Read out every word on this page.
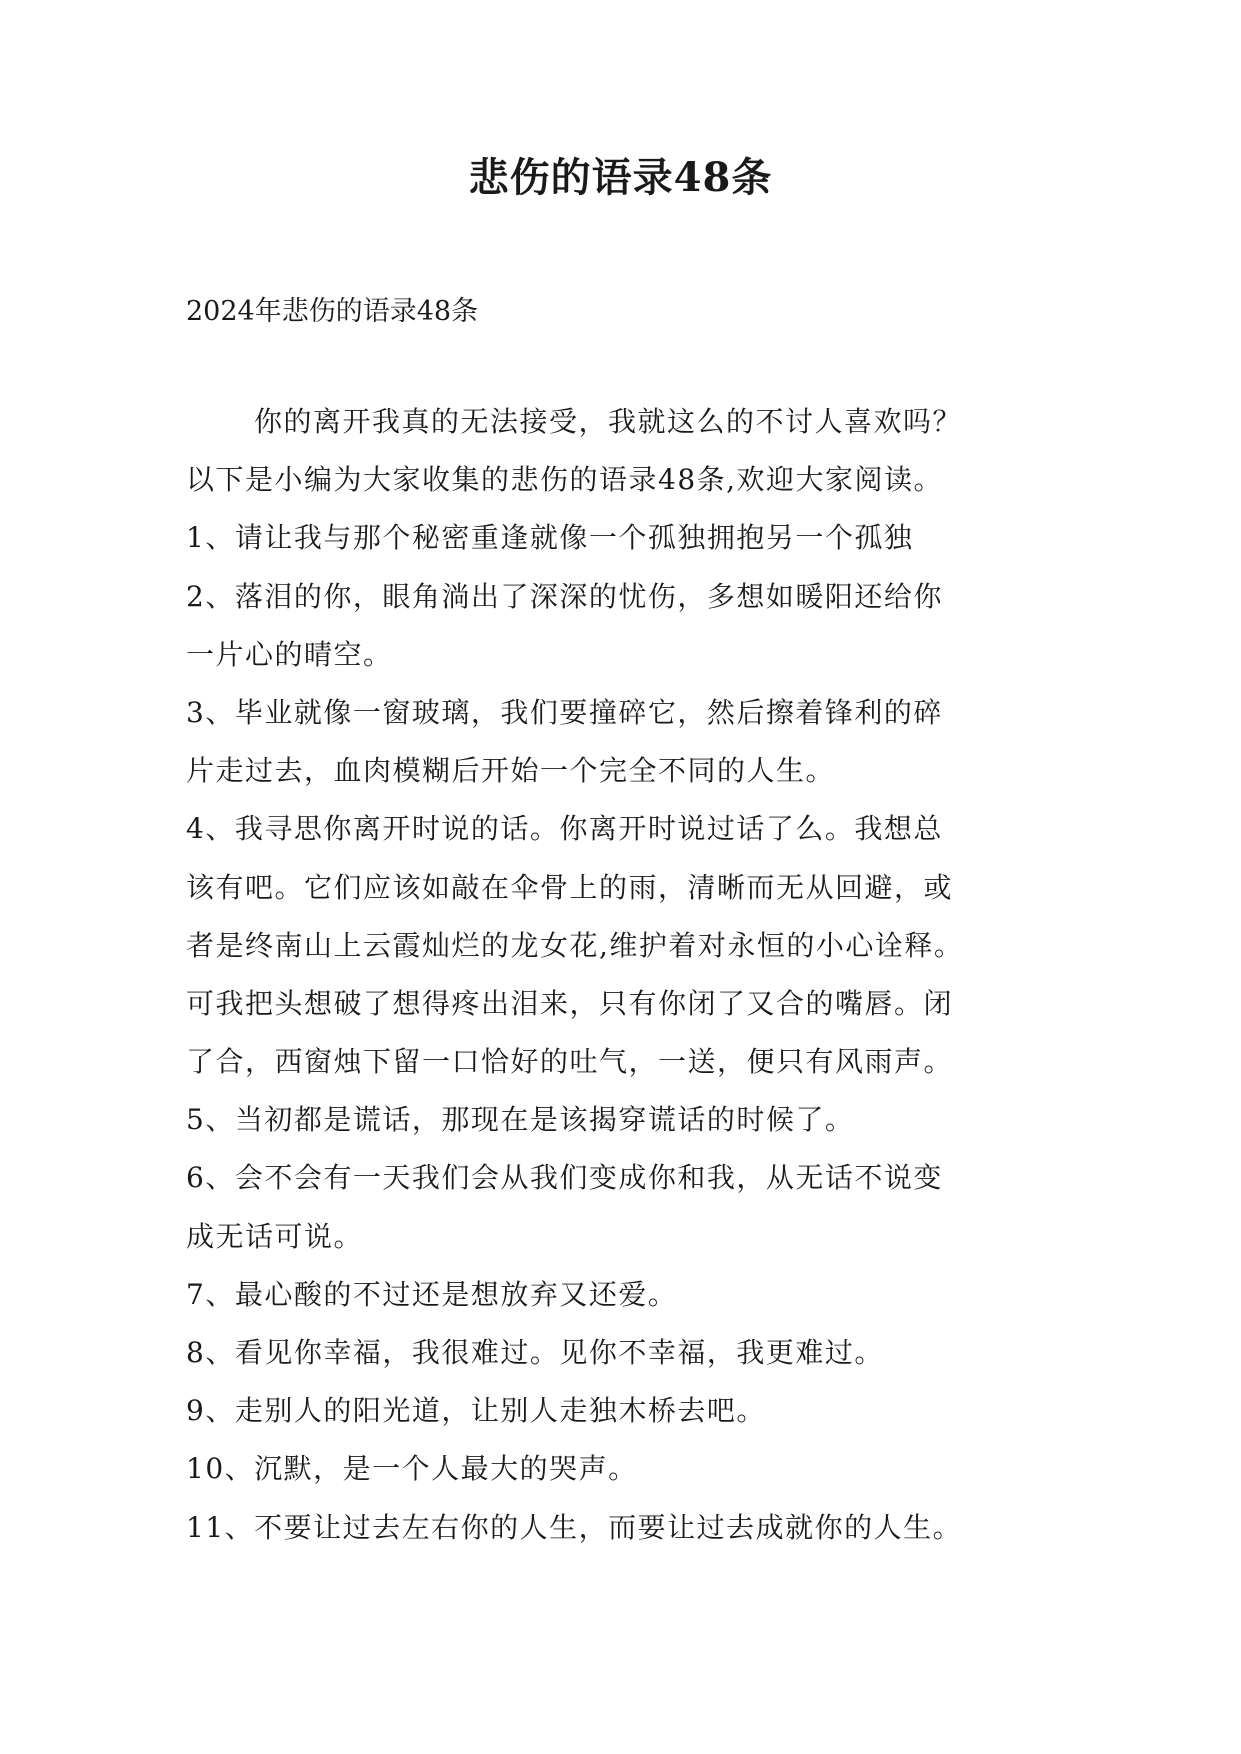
悲伤的语录48条

2024年悲伤的语录48条

你的离开我真的无法接受，我就这么的不讨人喜欢吗？
以下是小编为大家收集的悲伤的语录48条,欢迎大家阅读。
1、请让我与那个秘密重逢就像一个孤独拥抱另一个孤独
2、落泪的你，眼角淌出了深深的忧伤，多想如暖阳还给你
一片心的晴空。
3、毕业就像一窗玻璃，我们要撞碎它，然后擦着锋利的碎
片走过去，血肉模糊后开始一个完全不同的人生。
4、我寻思你离开时说的话。你离开时说过话了么。我想总
该有吧。它们应该如敲在伞骨上的雨，清晰而无从回避，或
者是终南山上云霞灿烂的龙女花,维护着对永恒的小心诠释。
可我把头想破了想得疼出泪来，只有你闭了又合的嘴唇。闭
了合，西窗烛下留一口恰好的吐气，一送，便只有风雨声。
5、当初都是谎话，那现在是该揭穿谎话的时候了。
6、会不会有一天我们会从我们变成你和我，从无话不说变
成无话可说。
7、最心酸的不过还是想放弃又还爱。
8、看见你幸福，我很难过。见你不幸福，我更难过。
9、走别人的阳光道，让别人走独木桥去吧。
10、沉默，是一个人最大的哭声。
11、不要让过去左右你的人生，而要让过去成就你的人生。
